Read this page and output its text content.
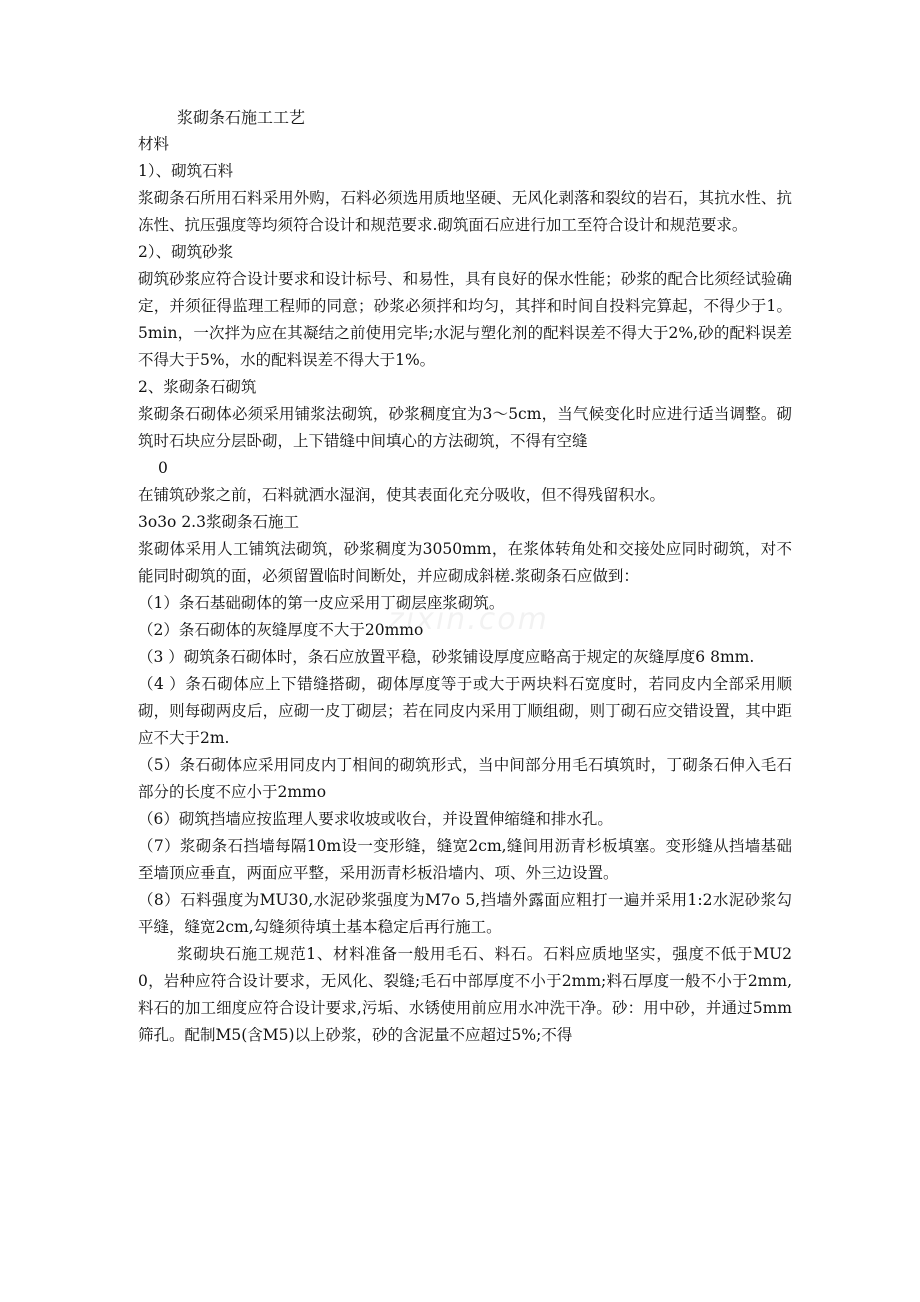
浆砌条石施工工艺

材料

1）、砌筑石料

浆砌条石所用石料采用外购，石料必须选用质地坚硬、无风化剥落和裂纹的岩石，其抗水性、抗冻性、抗压强度等均须符合设计和规范要求.砌筑面石应进行加工至符合设计和规范要求。

2）、砌筑砂浆

砌筑砂浆应符合设计要求和设计标号、和易性，具有良好的保水性能；砂浆的配合比须经试验确定，并须征得监理工程师的同意；砂浆必须拌和均匀，其拌和时间自投料完算起，不得少于1。5min，一次拌为应在其凝结之前使用完毕;水泥与塑化剂的配料误差不得大于2%,砂的配料误差不得大于5%，水的配料误差不得大于1%。

2、浆砌条石砌筑

浆砌条石砌体必须采用铺浆法砌筑，砂浆稠度宜为3～5cm，当气候变化时应进行适当调整。砌筑时石块应分层卧砌，上下错缝中间填心的方法砌筑，不得有空缝

0

在铺筑砂浆之前，石料就洒水湿润，使其表面化充分吸收，但不得残留积水。

3o3o 2.3浆砌条石施工

浆砌体采用人工铺筑法砌筑，砂浆稠度为3050mm，在浆体转角处和交接处应同时砌筑，对不能同时砌筑的面，必须留置临时间断处，并应砌成斜槎.浆砌条石应做到：

（1）条石基础砌体的第一皮应采用丁砌层座浆砌筑。

（2）条石砌体的灰缝厚度不大于20mmo

（3 ）砌筑条石砌体时，条石应放置平稳，砂浆铺设厚度应略高于规定的灰缝厚度6 8mm.

（4 ）条石砌体应上下错缝搭砌，砌体厚度等于或大于两块料石宽度时，若同皮内全部采用顺砌，则每砌两皮后，应砌一皮丁砌层；若在同皮内采用丁顺组砌，则丁砌石应交错设置，其中距应不大于2m.

（5）条石砌体应采用同皮内丁相间的砌筑形式，当中间部分用毛石填筑时，丁砌条石伸入毛石部分的长度不应小于2mmo

（6）砌筑挡墙应按监理人要求收坡或收台，并设置伸缩缝和排水孔。

（7）浆砌条石挡墙每隔10m设一变形缝，缝宽2cm,缝间用沥青杉板填塞。变形缝从挡墙基础至墙顶应垂直，两面应平整，采用沥青杉板沿墙内、项、外三边设置。

（8）石料强度为MU30,水泥砂浆强度为M7o 5,挡墙外露面应粗打一遍并采用1:2水泥砂浆勾平缝，缝宽2cm,勾缝须待填土基本稳定后再行施工。

浆砌块石施工规范1、材料准备一般用毛石、料石。石料应质地坚实，强度不低于MU20，岩种应符合设计要求，无风化、裂缝;毛石中部厚度不小于2mm;料石厚度一般不小于2mm,料石的加工细度应符合设计要求,污垢、水锈使用前应用水冲洗干净。砂：用中砂，并通过5mm筛孔。配制M5(含M5)以上砂浆，砂的含泥量不应超过5%;不得

zixin.com
